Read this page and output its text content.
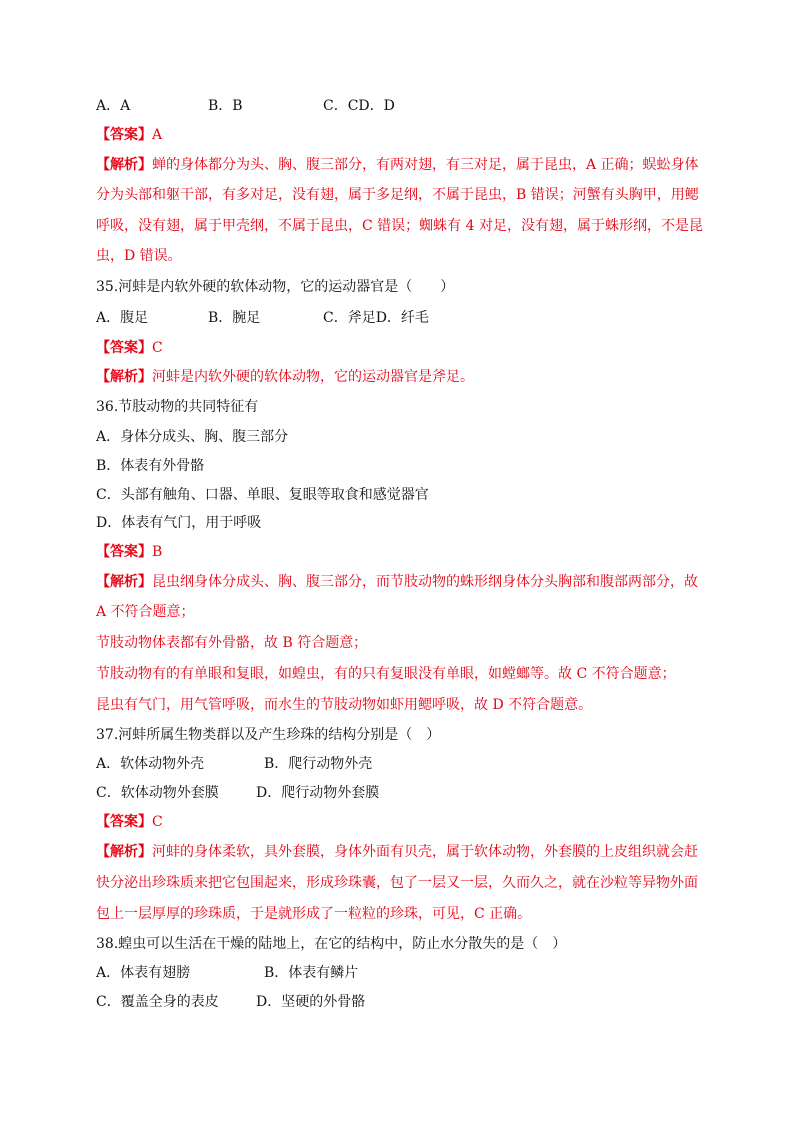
A．A	B．B	C．CD．D
【答案】A
【解析】蝉的身体都分为头、胸、腹三部分，有两对翅，有三对足，属于昆虫，A 正确；蜈蚣身体
分为头部和躯干部，有多对足，没有翅，属于多足纲，不属于昆虫，B 错误；河蟹有头胸甲，用鳃
呼吸，没有翅，属于甲壳纲，不属于昆虫，C 错误；蜘蛛有 4 对足，没有翅，属于蛛形纲，不是昆
虫，D 错误。
35.河蚌是内软外硬的软体动物，它的运动器官是（　　）
A．腹足	B．腕足	C．斧足D．纤毛
【答案】C
【解析】河蚌是内软外硬的软体动物，它的运动器官是斧足。
36.节肢动物的共同特征有
A．身体分成头、胸、腹三部分
B．体表有外骨骼
C．头部有触角、口器、单眼、复眼等取食和感觉器官
D．体表有气门，用于呼吸
【答案】B
【解析】昆虫纲身体分成头、胸、腹三部分，而节肢动物的蛛形纲身体分头胸部和腹部两部分，故
A 不符合题意；
节肢动物体表都有外骨骼，故 B 符合题意；
节肢动物有的有单眼和复眼，如蝗虫，有的只有复眼没有单眼，如螳螂等。故 C 不符合题意；
昆虫有气门，用气管呼吸，而水生的节肢动物如虾用鳃呼吸，故 D 不符合题意。
37.河蚌所属生物类群以及产生珍珠的结构分别是（　）
A．软体动物外壳	B．爬行动物外壳
C．软体动物外套膜	D．爬行动物外套膜
【答案】C
【解析】河蚌的身体柔软，具外套膜，身体外面有贝壳，属于软体动物，外套膜的上皮组织就会赶
快分泌出珍珠质来把它包围起来，形成珍珠囊，包了一层又一层，久而久之，就在沙粒等异物外面
包上一层厚厚的珍珠质，于是就形成了一粒粒的珍珠，可见，C 正确。
38.蝗虫可以生活在干燥的陆地上，在它的结构中，防止水分散失的是（　）
A．体表有翅膀	B．体表有鳞片
C．覆盖全身的表皮	D．坚硬的外骨骼
